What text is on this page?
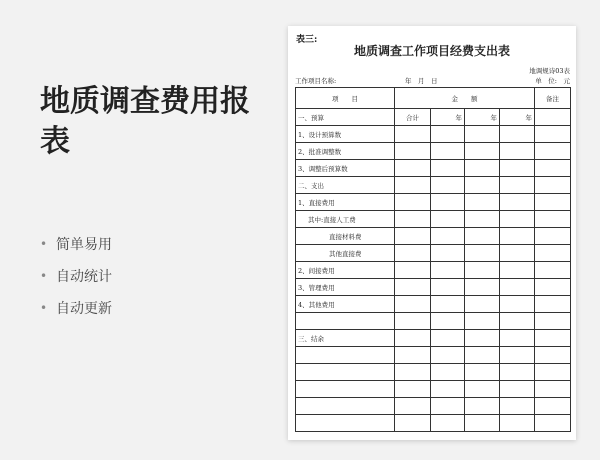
地质调查费用报表
• 简单易用
• 自动统计
• 自动更新
表三:
地质调查工作项目经费支出表
地调规诗03表
工作项目名称:	年　月　日	单　位:　元
项　　目	金　　额				备注
一、预算	合计	年	年	年	
1、设计预算数					
2、批准调整数					
3、调整后预算数					
二、支出					
1、直接费用					
其中:直接人工费					
直接材料费					
其他直接费					
2、间接费用					
3、管理费用					
4、其他费用					

三、结余					
